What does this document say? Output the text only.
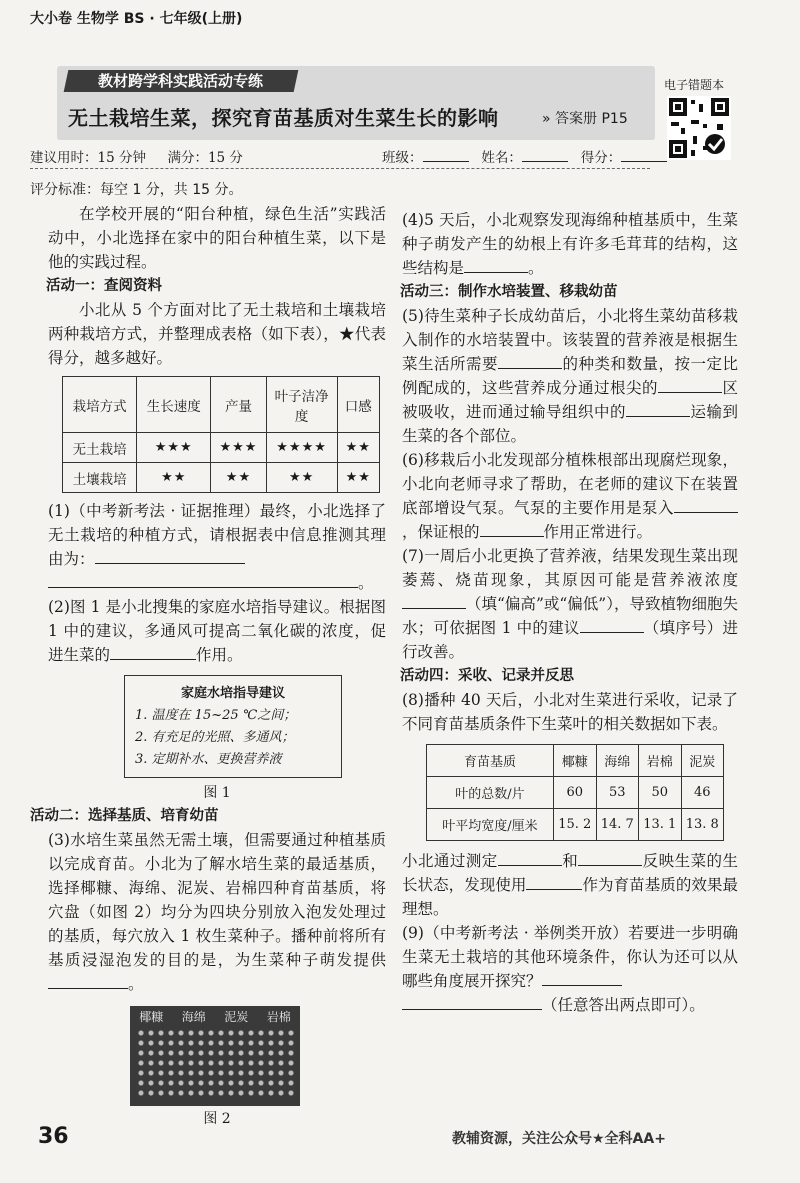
大小卷 生物学 BS · 七年级(上册)
教材跨学科实践活动专练
无土栽培生菜，探究育苗基质对生菜生长的影响	» 答案册 P15
电子错题本
建议用时：15 分钟 满分：15 分	班级：	姓名：	得分：
评分标准：每空 1 分，共 15 分。
在学校开展的“阳台种植，绿色生活”实践活动中，小北选择在家中的阳台种植生菜，以下是他的实践过程。
活动一：查阅资料
小北从 5 个方面对比了无土栽培和土壤栽培两种栽培方式，并整理成表格（如下表），★代表得分，越多越好。
栽培方式	生长速度	产量	叶子洁净度	口感
无土栽培	★★★	★★★	★★★★	★★
土壤栽培	★★	★★	★★	★★
(1)（中考新考法 · 证据推理）最终，小北选择了无土栽培的种植方式，请根据表中信息推测其理由为：
。
(2)图 1 是小北搜集的家庭水培指导建议。根据图 1 中的建议，多通风可提高二氧化碳的浓度，促进生菜的	作用。
家庭水培指导建议
1. 温度在 15~25 ℃之间；
2. 有充足的光照、多通风；
3. 定期补水、更换营养液
图 1
活动二：选择基质、培育幼苗
(3)水培生菜虽然无需土壤，但需要通过种植基质以完成育苗。小北为了解水培生菜的最适基质，选择椰糠、海绵、泥炭、岩棉四种育苗基质，将穴盘（如图 2）均分为四块分别放入泡发处理过的基质，每穴放入 1 枚生菜种子。播种前将所有基质浸湿泡发的目的是，为生菜种子萌发提供。
椰糠 海绵 泥炭 岩棉
图 2
(4)5 天后，小北观察发现海绵种植基质中，生菜种子萌发产生的幼根上有许多毛茸茸的结构，这些结构是	。
活动三：制作水培装置、移栽幼苗
(5)待生菜种子长成幼苗后，小北将生菜幼苗移栽入制作的水培装置中。该装置的营养液是根据生菜生活所需要	的种类和数量，按一定比例配成的，这些营养成分通过根尖的	区被吸收，进而通过输导组织中的	运输到生菜的各个部位。
(6)移栽后小北发现部分植株根部出现腐烂现象，小北向老师寻求了帮助，在老师的建议下在装置底部增设气泵。气泵的主要作用是泵入，保证根的	作用正常进行。
(7)一周后小北更换了营养液，结果发现生菜出现萎蔫、烧苗现象，其原因可能是营养液浓度（填“偏高”或“偏低”），导致植物细胞失水；可依据图 1 中的建议	（填序号）进行改善。
活动四：采收、记录并反思
(8)播种 40 天后，小北对生菜进行采收，记录了不同育苗基质条件下生菜叶的相关数据如下表。
育苗基质	椰糠	海绵	岩棉	泥炭
叶的总数/片	60	53	50	46
叶平均宽度/厘米	15. 2	14. 7	13. 1	13. 8
小北通过测定	和	反映生菜的生长状态，发现使用	作为育苗基质的效果最理想。
(9)（中考新考法 · 举例类开放）若要进一步明确生菜无土栽培的其他环境条件，你认为还可以从哪些角度展开探究？
（任意答出两点即可）。
36	教辅资源，关注公众号★全科AA+
